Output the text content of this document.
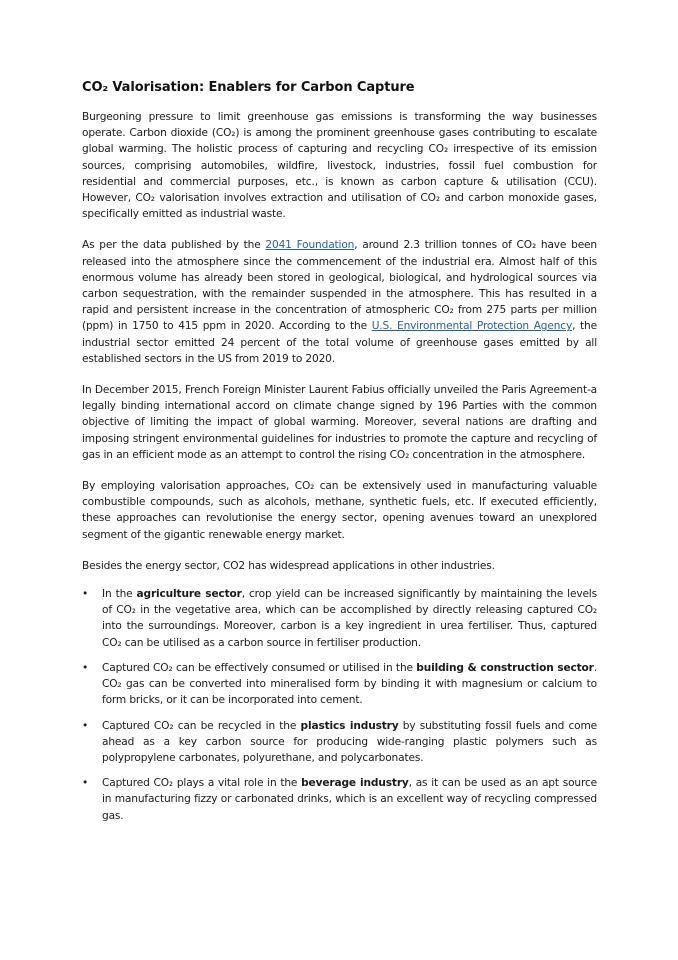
CO₂ Valorisation: Enablers for Carbon Capture

Burgeoning pressure to limit greenhouse gas emissions is transforming the way businesses operate. Carbon dioxide (CO₂) is among the prominent greenhouse gases contributing to escalate global warming. The holistic process of capturing and recycling CO₂ irrespective of its emission sources, comprising automobiles, wildfire, livestock, industries, fossil fuel combustion for residential and commercial purposes, etc., is known as carbon capture & utilisation (CCU). However, CO₂ valorisation involves extraction and utilisation of CO₂ and carbon monoxide gases, specifically emitted as industrial waste.

As per the data published by the 2041 Foundation, around 2.3 trillion tonnes of CO₂ have been released into the atmosphere since the commencement of the industrial era. Almost half of this enormous volume has already been stored in geological, biological, and hydrological sources via carbon sequestration, with the remainder suspended in the atmosphere. This has resulted in a rapid and persistent increase in the concentration of atmospheric CO₂ from 275 parts per million (ppm) in 1750 to 415 ppm in 2020. According to the U.S. Environmental Protection Agency, the industrial sector emitted 24 percent of the total volume of greenhouse gases emitted by all established sectors in the US from 2019 to 2020.

In December 2015, French Foreign Minister Laurent Fabius officially unveiled the Paris Agreement-a legally binding international accord on climate change signed by 196 Parties with the common objective of limiting the impact of global warming. Moreover, several nations are drafting and imposing stringent environmental guidelines for industries to promote the capture and recycling of gas in an efficient mode as an attempt to control the rising CO₂ concentration in the atmosphere.

By employing valorisation approaches, CO₂ can be extensively used in manufacturing valuable combustible compounds, such as alcohols, methane, synthetic fuels, etc. If executed efficiently, these approaches can revolutionise the energy sector, opening avenues toward an unexplored segment of the gigantic renewable energy market.

Besides the energy sector, CO2 has widespread applications in other industries.

• In the agriculture sector, crop yield can be increased significantly by maintaining the levels of CO₂ in the vegetative area, which can be accomplished by directly releasing captured CO₂ into the surroundings. Moreover, carbon is a key ingredient in urea fertiliser. Thus, captured CO₂ can be utilised as a carbon source in fertiliser production.
• Captured CO₂ can be effectively consumed or utilised in the building & construction sector. CO₂ gas can be converted into mineralised form by binding it with magnesium or calcium to form bricks, or it can be incorporated into cement.
• Captured CO₂ can be recycled in the plastics industry by substituting fossil fuels and come ahead as a key carbon source for producing wide-ranging plastic polymers such as polypropylene carbonates, polyurethane, and polycarbonates.
• Captured CO₂ plays a vital role in the beverage industry, as it can be used as an apt source in manufacturing fizzy or carbonated drinks, which is an excellent way of recycling compressed gas.
